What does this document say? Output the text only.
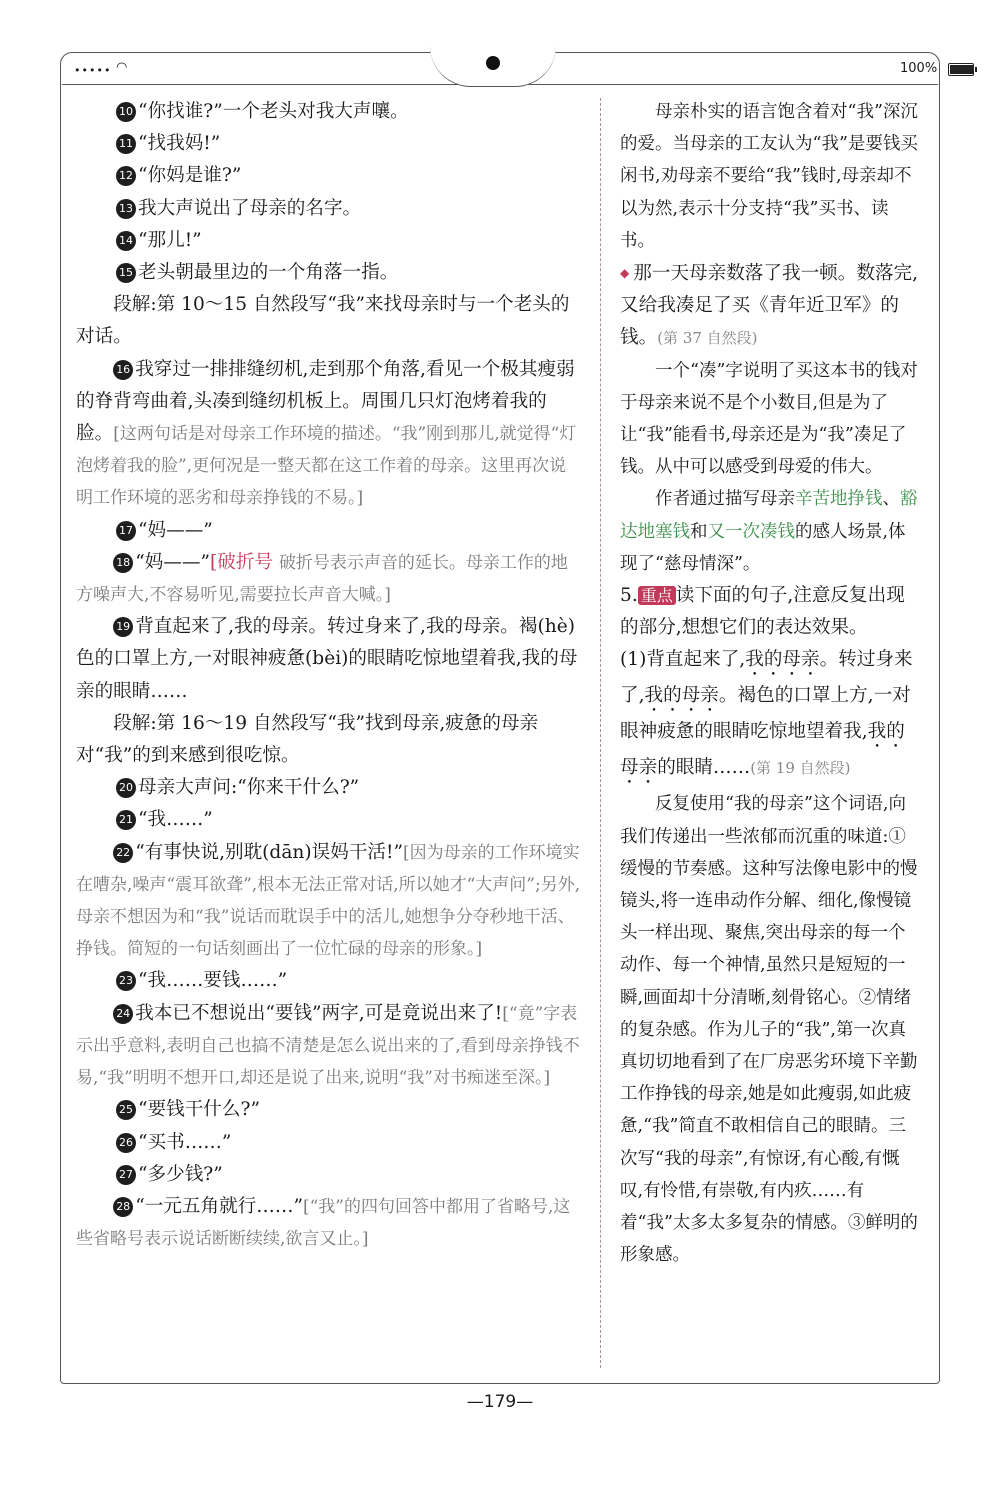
••••• ◠	100%

10 “你找谁?”一个老头对我大声嚷。

11 “找我妈!”

12 “你妈是谁?”

13 我大声说出了母亲的名字。

14 “那儿!”

15 老头朝最里边的一个角落一指。

段解:第 10～15 自然段写“我”来找母亲时与一个老头的对话。

16 我穿过一排排缝纫机,走到那个角落,看见一个极其瘦弱的脊背弯曲着,头凑到缝纫机板上。周围几只灯泡烤着我的脸。[这两句话是对母亲工作环境的描述。“我”刚到那儿,就觉得“灯泡烤着我的脸”,更何况是一整天都在这工作着的母亲。这里再次说明工作环境的恶劣和母亲挣钱的不易。]

17 “妈——”

18 “妈——”[破折号 破折号表示声音的延长。母亲工作的地方噪声大,不容易听见,需要拉长声音大喊。]

19 背直起来了,我的母亲。转过身来了,我的母亲。褐(hè)色的口罩上方,一对眼神疲惫(bèi)的眼睛吃惊地望着我,我的母亲的眼睛……

段解:第 16～19 自然段写“我”找到母亲,疲惫的母亲对“我”的到来感到很吃惊。

20 母亲大声问:“你来干什么?”

21 “我……”

22 “有事快说,别耽(dān)误妈干活!”[因为母亲的工作环境实在嘈杂,噪声“震耳欲聋”,根本无法正常对话,所以她才“大声问”;另外,母亲不想因为和“我”说话而耽误手中的活儿,她想争分夺秒地干活、挣钱。简短的一句话刻画出了一位忙碌的母亲的形象。]

23 “我……要钱……”

24 我本已不想说出“要钱”两字,可是竟说出来了![“竟”字表示出乎意料,表明自己也搞不清楚是怎么说出来的了,看到母亲挣钱不易,“我”明明不想开口,却还是说了出来,说明“我”对书痴迷至深。]

25 “要钱干什么?”

26 “买书……”

27 “多少钱?”

28 “一元五角就行……”[“我”的四句回答中都用了省略号,这些省略号表示说话断断续续,欲言又止。]

母亲朴实的语言饱含着对“我”深沉的爱。当母亲的工友认为“我”是要钱买闲书,劝母亲不要给“我”钱时,母亲却不以为然,表示十分支持“我”买书、读书。

◆ 那一天母亲数落了我一顿。数落完,又给我凑足了买《青年近卫军》的钱。(第 37 自然段)

一个“凑”字说明了买这本书的钱对于母亲来说不是个小数目,但是为了让“我”能看书,母亲还是为“我”凑足了钱。从中可以感受到母爱的伟大。

作者通过描写母亲辛苦地挣钱、豁达地塞钱和又一次凑钱的感人场景,体现了“慈母情深”。

5. 重点 读下面的句子,注意反复出现的部分,想想它们的表达效果。

(1)背直起来了,我的母亲。转过身来了,我的母亲。褐色的口罩上方,一对眼神疲惫的眼睛吃惊地望着我,我的母亲的眼睛……(第 19 自然段)

反复使用“我的母亲”这个词语,向我们传递出一些浓郁而沉重的味道:①缓慢的节奏感。这种写法像电影中的慢镜头,将一连串动作分解、细化,像慢镜头一样出现、聚焦,突出母亲的每一个动作、每一个神情,虽然只是短短的一瞬,画面却十分清晰,刻骨铭心。②情绪的复杂感。作为儿子的“我”,第一次真真切切地看到了在厂房恶劣环境下辛勤工作挣钱的母亲,她是如此瘦弱,如此疲惫,“我”简直不敢相信自己的眼睛。三次写“我的母亲”,有惊讶,有心酸,有慨叹,有怜惜,有崇敬,有内疚……有着“我”太多太多复杂的情感。③鲜明的形象感。

—179—
